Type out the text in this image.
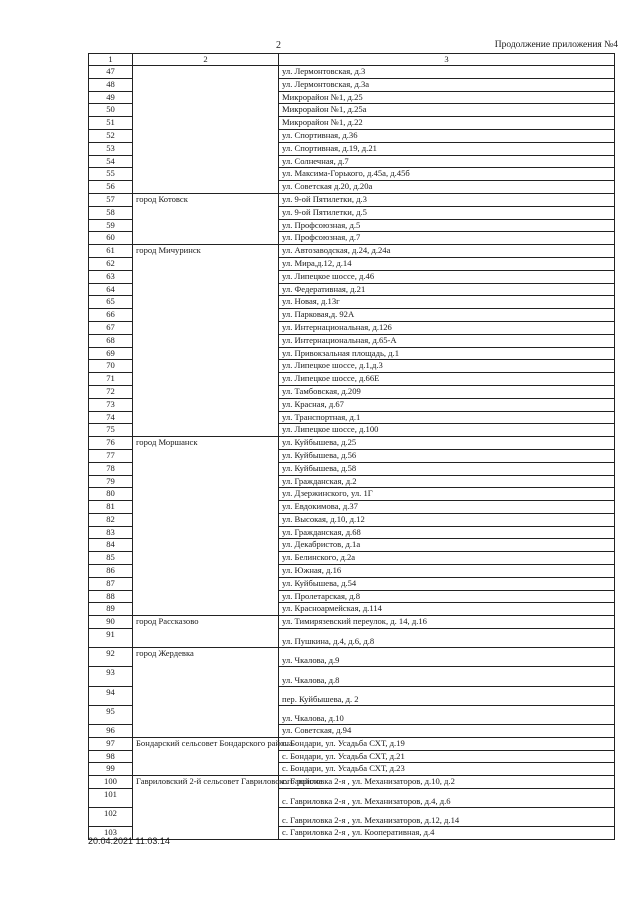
2	Продолжение приложения №4
1	2	3
47		ул. Лермонтовская, д.3
48		ул. Лермонтовская, д.3а
49		Микрорайон №1, д.25
50		Микрорайон №1, д.25а
51		Микрорайон №1, д.22
52		ул. Спортивная, д.36
53		ул. Спортивная, д.19, д.21
54		ул. Солнечная, д.7
55		ул. Максима-Горького, д.45а, д.45б
56		ул. Советская д.20, д.20а
57	город Котовск	ул. 9-ой Пятилетки, д.3
58		ул. 9-ой Пятилетки, д.5
59		ул. Профсоюзная, д.5
60		ул. Профсоюзная, д.7
61	город Мичуринск	ул. Автозаводская, д.24, д.24а
62		ул. Мира,д.12, д.14
63		ул. Липецкое шоссе, д.46
64		ул. Федеративная, д.21
65		ул. Новая, д.13г
66		ул. Парковая,д. 92А
67		ул. Интернациональная, д.126
68		ул. Интернациональная, д.65-А
69		ул. Привокзальная площадь, д.1
70		ул. Липецкое шоссе, д.1,д.3
71		ул. Липецкое шоссе, д.66Е
72		ул. Тамбовская, д.209
73		ул. Красная, д.67
74		ул. Транспортная, д.1
75		ул. Липецкое шоссе, д.100
76	город Моршанск	ул. Куйбышева, д.25
77		ул. Куйбышева, д.56
78		ул. Куйбышева, д.58
79		ул. Гражданская, д.2
80		ул. Дзержинского, ул. 1Г
81		ул. Евдокимова, д.37
82		ул. Высокая, д.10, д.12
83		ул. Гражданская, д.68
84		ул. Декабристов, д.1а
85		ул. Белинского, д.2а
86		ул. Южная, д.16
87		ул. Куйбышева, д.54
88		ул. Пролетарская, д.8
89		ул. Красноармейская, д.114
90	город Рассказово	ул. Тимирязевский переулок, д. 14, д.16
91		ул. Пушкина, д.4, д.6, д.8
92	город Жердевка	ул. Чкалова, д.9
93		ул. Чкалова, д.8
94		пер. Куйбышева, д. 2
95		ул. Чкалова, д.10
96		ул. Советская, д.94
97	Бондарский сельсовет Бондарского района	с. Бондари, ул. Усадьба СХТ, д.19
98		с. Бондари, ул. Усадьба СХТ, д.21
99		с. Бондари, ул. Усадьба СХТ, д.23
100	Гавриловский 2-й сельсовет Гавриловского района	с. Гавриловка 2-я , ул. Механизаторов, д.10, д.2
101		с. Гавриловка 2-я , ул. Механизаторов, д.4, д.6
102		с. Гавриловка 2-я , ул. Механизаторов, д.12, д.14
103		с. Гавриловка 2-я , ул. Кооперативная, д.4
20.04.2021 11:03:14
